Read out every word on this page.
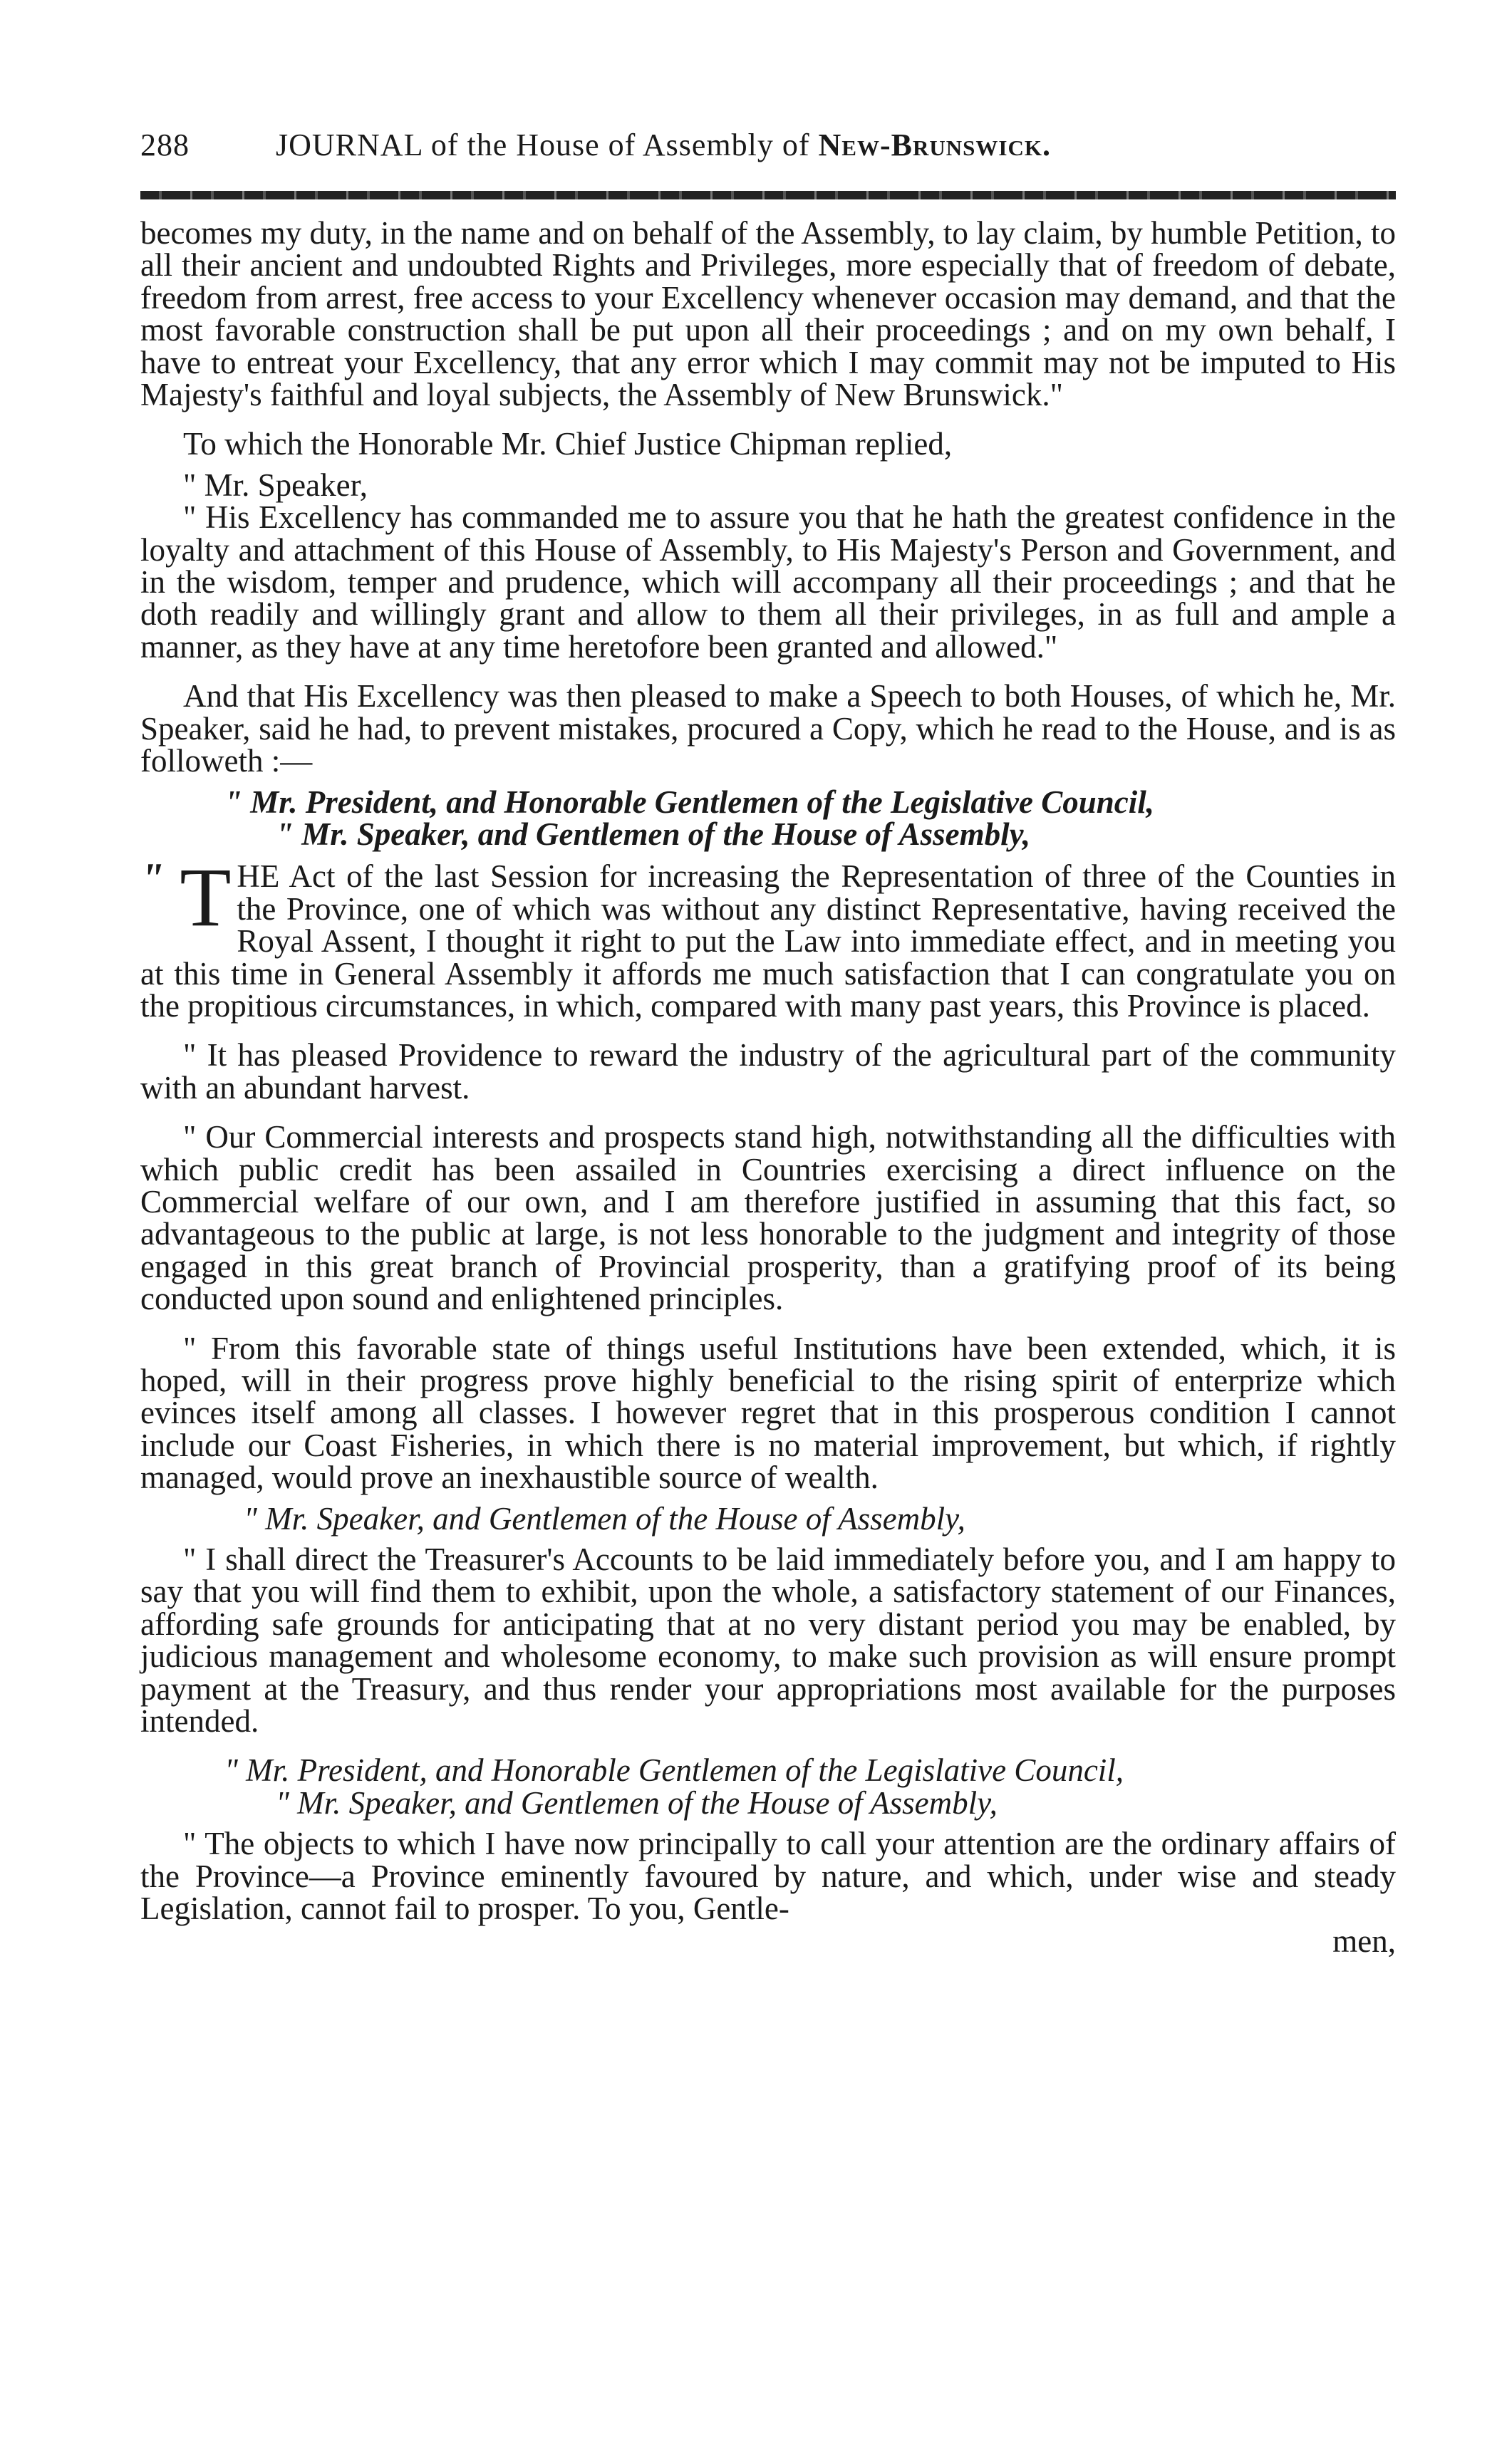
288	JOURNAL of the House of Assembly of New-Brunswick.

becomes my duty, in the name and on behalf of the Assembly, to lay claim, by humble Petition, to all their ancient and undoubted Rights and Privileges, more especially that of freedom of debate, freedom from arrest, free access to your Excellency whenever occasion may demand, and that the most favorable construction shall be put upon all their proceedings ; and on my own behalf, I have to entreat your Excellency, that any error which I may commit may not be imputed to His Majesty's faithful and loyal subjects, the Assembly of New Brunswick."

To which the Honorable Mr. Chief Justice Chipman replied,

" Mr. Speaker,

" His Excellency has commanded me to assure you that he hath the greatest confidence in the loyalty and attachment of this House of Assembly, to His Majesty's Person and Government, and in the wisdom, temper and prudence, which will accompany all their proceedings ; and that he doth readily and willingly grant and allow to them all their privileges, in as full and ample a manner, as they have at any time heretofore been granted and allowed."

And that His Excellency was then pleased to make a Speech to both Houses, of which he, Mr. Speaker, said he had, to prevent mistakes, procured a Copy, which he read to the House, and is as followeth :—

" Mr. President, and Honorable Gentlemen of the Legislative Council,

" Mr. Speaker, and Gentlemen of the House of Assembly,

" T HE Act of the last Session for increasing the Representation of three of the Counties in the Province, one of which was without any distinct Representative, having received the Royal Assent, I thought it right to put the Law into immediate effect, and in meeting you at this time in General Assembly it affords me much satisfaction that I can congratulate you on the propitious circumstances, in which, compared with many past years, this Province is placed.

" It has pleased Providence to reward the industry of the agricultural part of the community with an abundant harvest.

" Our Commercial interests and prospects stand high, notwithstanding all the difficulties with which public credit has been assailed in Countries exercising a direct influence on the Commercial welfare of our own, and I am therefore justified in assuming that this fact, so advantageous to the public at large, is not less honorable to the judgment and integrity of those engaged in this great branch of Provincial prosperity, than a gratifying proof of its being conducted upon sound and enlightened principles.

" From this favorable state of things useful Institutions have been extended, which, it is hoped, will in their progress prove highly beneficial to the rising spirit of enterprize which evinces itself among all classes. I however regret that in this prosperous condition I cannot include our Coast Fisheries, in which there is no material improvement, but which, if rightly managed, would prove an inexhaustible source of wealth.

" Mr. Speaker, and Gentlemen of the House of Assembly,

" I shall direct the Treasurer's Accounts to be laid immediately before you, and I am happy to say that you will find them to exhibit, upon the whole, a satisfactory statement of our Finances, affording safe grounds for anticipating that at no very distant period you may be enabled, by judicious management and wholesome economy, to make such provision as will ensure prompt payment at the Treasury, and thus render your appropriations most available for the purposes intended.

" Mr. President, and Honorable Gentlemen of the Legislative Council,

" Mr. Speaker, and Gentlemen of the House of Assembly,

" The objects to which I have now principally to call your attention are the ordinary affairs of the Province—a Province eminently favoured by nature, and which, under wise and steady Legislation, cannot fail to prosper. To you, Gentle-

men,
